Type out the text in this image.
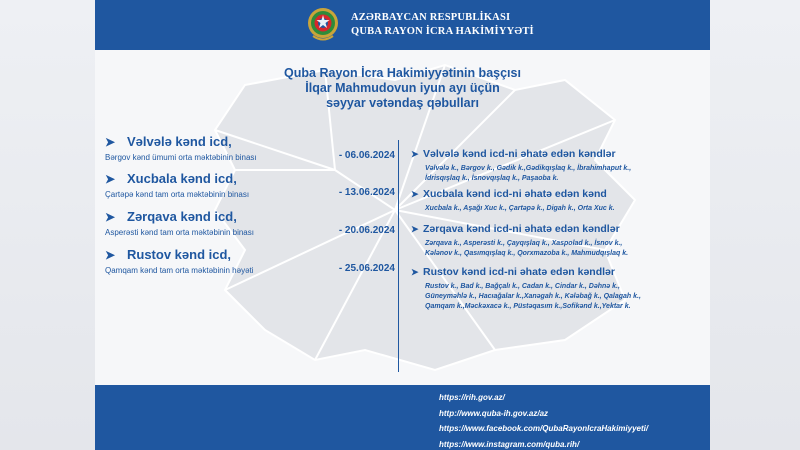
AZƏRBAYCAN RESPUBLİKASI
QUBA RAYON İCRA HAKİMİYYƏTİ
Quba Rayon İcra Hakimiyyətinin başçısı
İlqar Mahmudovun iyun ayı üçün
səyyar vətəndaş qəbulları
➤ Vəlvələ kənd icd,
Bərgov kənd ümumi orta məktəbinin binası	- 06.06.2024
➤ Xucbala kənd icd,
Çartəpə kənd tam orta məktəbinin binası	- 13.06.2024
➤ Zərqava kənd icd,
Asperəsti kənd tam orta məktəbinin binası	- 20.06.2024
➤ Rustov kənd icd,
Qamqam kənd tam orta məktəbinin həyəti	- 25.06.2024
➤ Vəlvələ kənd icd-ni əhatə edən kəndlər
Vəlvələ k., Bərgov k., Gədik k.,Gədikqışlaq k., İbrahimhaput k.,
İdrisqışlaq k., İsnovqışlaq k., Paşaoba k.
➤ Xucbala kənd icd-ni əhatə edən kənd
Xucbala k., Aşağı Xuc k., Çartəpə k., Digah k., Orta Xuc k.
➤ Zərqava kənd icd-ni əhatə edən kəndlər
Zərqava k., Asperəsti k., Çayqışlaq k., Xaspolad k., İsnov k.,
Kələnov k., Qasımqışlaq k., Qorxmazoba k., Mahmudqışlaq k.
➤ Rustov kənd icd-ni əhatə edən kəndlər
Rustov k., Bad k., Bağçalı k., Cadan k., Cindar k., Dəhnə k.,
Güneyməhlə k., Hacıağalar k.,Xanəgah k., Kələbağ k., Qalagah k.,
Qamqam k.,Məckəxacə k., Püstəqasım k.,Sofikənd k.,Yektar k.
https://rih.gov.az/
http://www.quba-ih.gov.az/az
https://www.facebook.com/QubaRayonIcraHakimiyyeti/
https://www.instagram.com/quba.rih/
